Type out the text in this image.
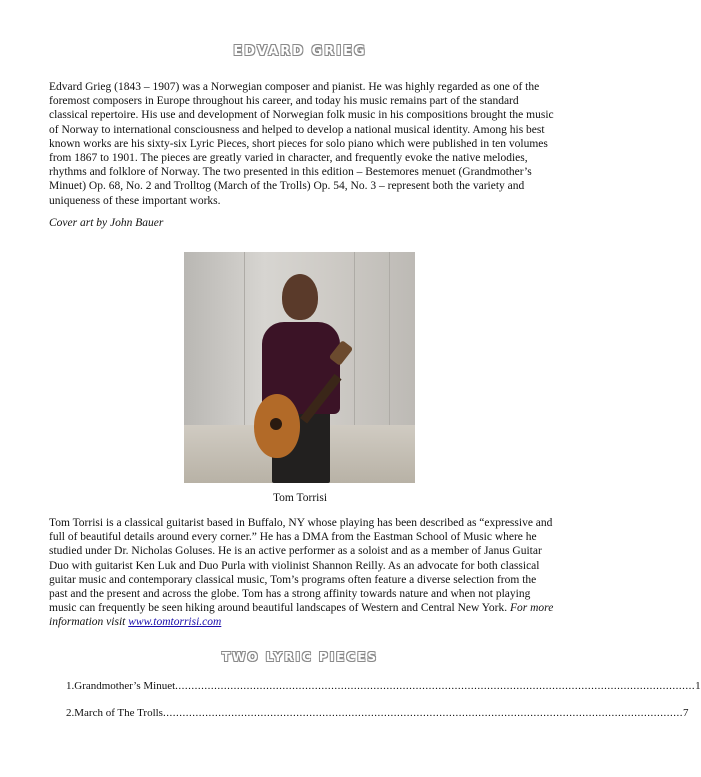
EDVARD GRIEG

Edvard Grieg (1843 – 1907) was a Norwegian composer and pianist. He was highly regarded as one of the foremost composers in Europe throughout his career, and today his music remains part of the standard classical repertoire. His use and development of Norwegian folk music in his compositions brought the music of Norway to international consciousness and helped to develop a national musical identity. Among his best known works are his sixty-six Lyric Pieces, short pieces for solo piano which were published in ten volumes from 1867 to 1901. The pieces are greatly varied in character, and frequently evoke the native melodies, rhythms and folklore of Norway. The two presented in this edition – Bestemores menuet (Grandmother’s Minuet) Op. 68, No. 2 and Trolltog (March of the Trolls) Op. 54, No. 3 – represent both the variety and uniqueness of these important works.

Cover art by John Bauer

Tom Torrisi

Tom Torrisi is a classical guitarist based in Buffalo, NY whose playing has been described as “expressive and full of beautiful details around every corner.” He has a DMA from the Eastman School of Music where he studied under Dr. Nicholas Goluses. He is an active performer as a soloist and as a member of Janus Guitar Duo with guitarist Ken Luk and Duo Purla with violinist Shannon Reilly. As an advocate for both classical guitar music and contemporary classical music, Tom’s programs often feature a diverse selection from the past and the present and across the globe. Tom has a strong affinity towards nature and when not playing music can frequently be seen hiking around beautiful landscapes of Western and Central New York. For more information visit www.tomtorrisi.com

TWO LYRIC PIECES
1. Grandmother’s Minuet ................................................................................................................................................................ 1
2. March of The Trolls ................................................................................................................................................................ 7
